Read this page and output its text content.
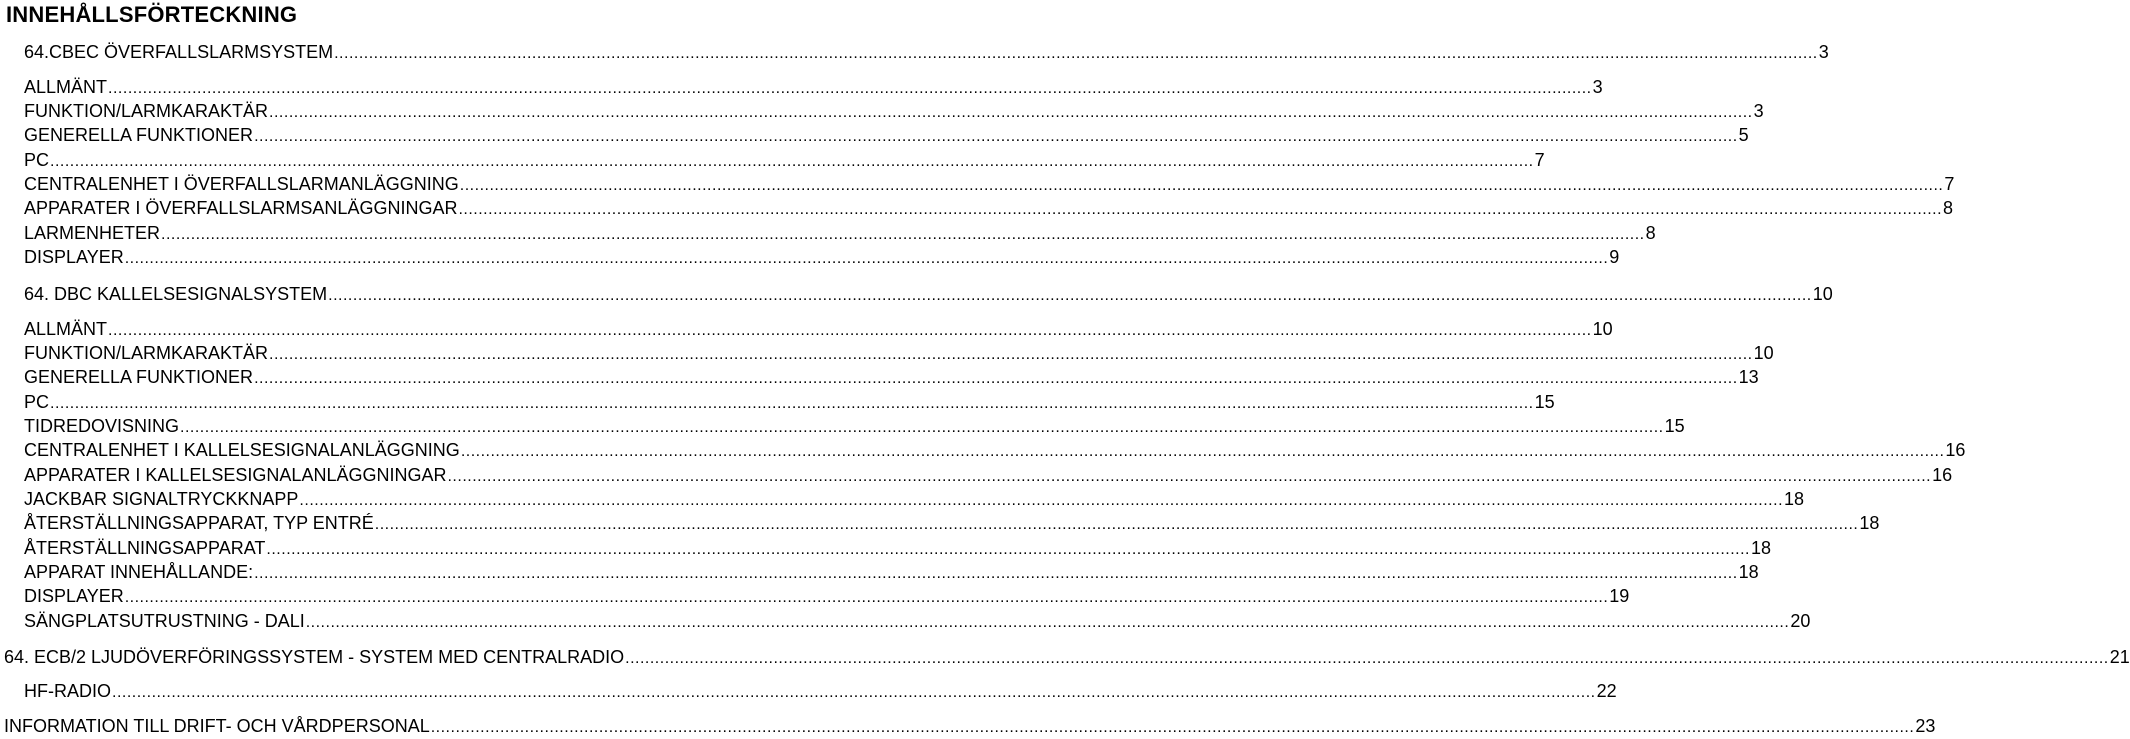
INNEHÅLLSFÖRTECKNING
64.CBEC ÖVERFALLSLARMSYSTEM ............................................................................................................................................................................................................................................................................................................ 3
ALLMÄNT ............................................................................................................................................................................................................................................................................................................ 3
FUNKTION/LARMKARAKTÄR ............................................................................................................................................................................................................................................................................................................ 3
GENERELLA FUNKTIONER ............................................................................................................................................................................................................................................................................................................ 5
PC ............................................................................................................................................................................................................................................................................................................ 7
CENTRALENHET I ÖVERFALLSLARMANLÄGGNING ............................................................................................................................................................................................................................................................................................................ 7
APPARATER I ÖVERFALLSLARMSANLÄGGNINGAR ............................................................................................................................................................................................................................................................................................................ 8
LARMENHETER ............................................................................................................................................................................................................................................................................................................ 8
DISPLAYER ............................................................................................................................................................................................................................................................................................................ 9
64. DBC KALLELSESIGNALSYSTEM ............................................................................................................................................................................................................................................................................................................ 10
ALLMÄNT ............................................................................................................................................................................................................................................................................................................ 10
FUNKTION/LARMKARAKTÄR ............................................................................................................................................................................................................................................................................................................ 10
GENERELLA FUNKTIONER ............................................................................................................................................................................................................................................................................................................ 13
PC ............................................................................................................................................................................................................................................................................................................ 15
TIDREDOVISNING ............................................................................................................................................................................................................................................................................................................ 15
CENTRALENHET I KALLELSESIGNALANLÄGGNING ............................................................................................................................................................................................................................................................................................................ 16
APPARATER I KALLELSESIGNALANLÄGGNINGAR ............................................................................................................................................................................................................................................................................................................ 16
JACKBAR SIGNALTRYCKKNAPP ............................................................................................................................................................................................................................................................................................................ 18
ÅTERSTÄLLNINGSAPPARAT, TYP ENTRÉ ............................................................................................................................................................................................................................................................................................................ 18
ÅTERSTÄLLNINGSAPPARAT ............................................................................................................................................................................................................................................................................................................ 18
APPARAT INNEHÅLLANDE: ............................................................................................................................................................................................................................................................................................................ 18
DISPLAYER ............................................................................................................................................................................................................................................................................................................ 19
SÄNGPLATSUTRUSTNING - DALI ............................................................................................................................................................................................................................................................................................................ 20
64. ECB/2 LJUDÖVERFÖRINGSSYSTEM - SYSTEM MED CENTRALRADIO ............................................................................................................................................................................................................................................................................................................ 21
HF-RADIO ............................................................................................................................................................................................................................................................................................................ 22
INFORMATION TILL DRIFT- OCH VÅRDPERSONAL ............................................................................................................................................................................................................................................................................................................ 23
